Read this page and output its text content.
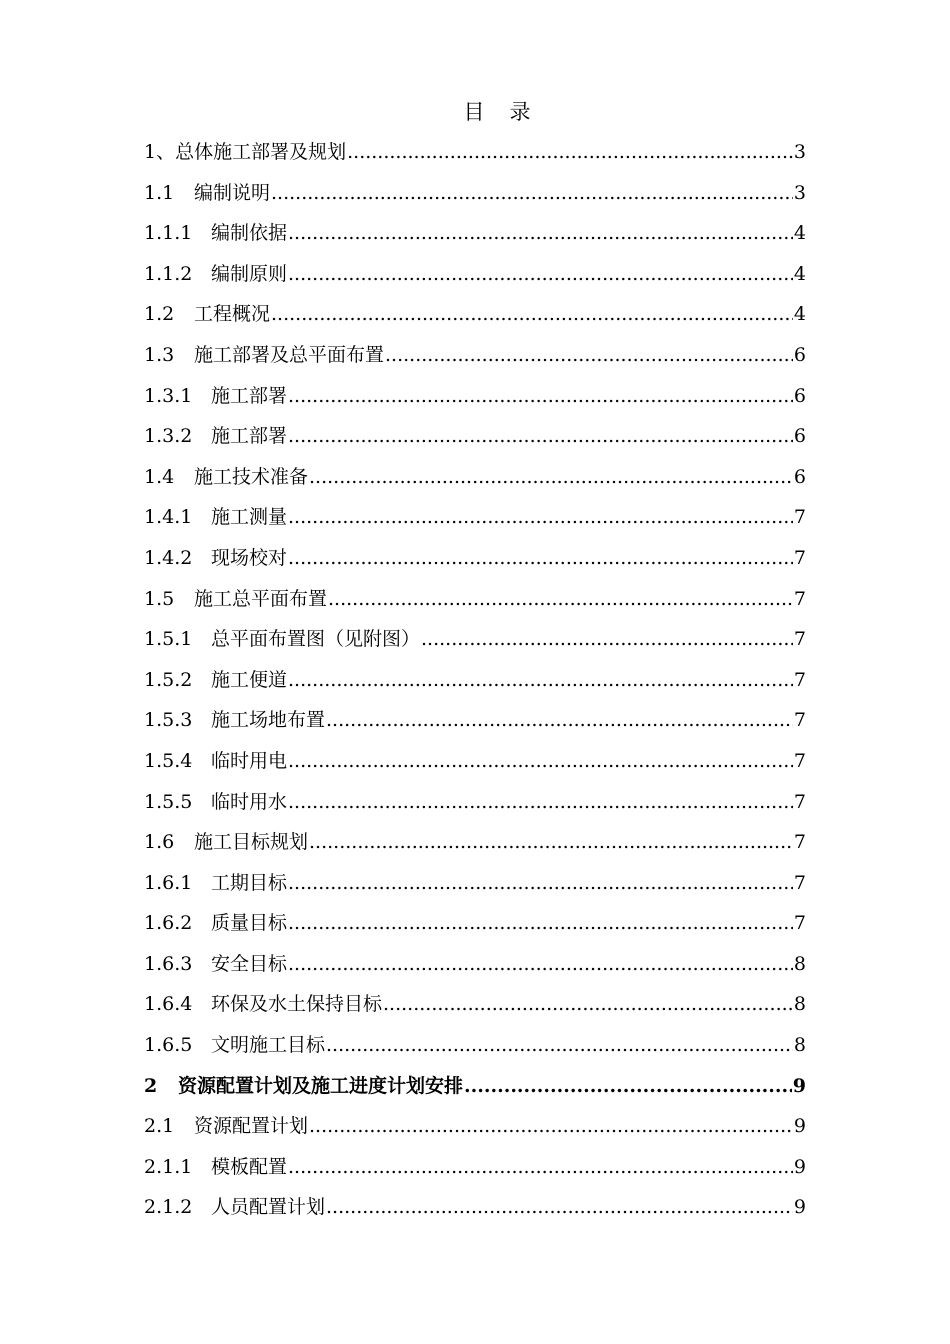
目　录
1、 总体施工部署及规划 .....	3
1.1	编制说明 .....	3
1.1.1 编制依据 .....	4
1.1.2 编制原则 .....	4
1.2	工程概况 .....	4
1.3	施工部署及总平面布置 .....	6
1.3.1 施工部署 .....	6
1.3.2 施工部署 .....	6
1.4	施工技术准备 .....	6
1.4.1 施工测量 .....	7
1.4.2 现场校对 .....	7
1.5	施工总平面布置 .....	7
1.5.1 总平面布置图（见附图） .....	7
1.5.2 施工便道 .....	7
1.5.3 施工场地布置 .....	7
1.5.4 临时用电 .....	7
1.5.5 临时用水 .....	7
1.6	施工目标规划 .....	7
1.6.1 工期目标 .....	7
1.6.2 质量目标 .....	7
1.6.3 安全目标 .....	8
1.6.4 环保及水土保持目标 .....	8
1.6.5 文明施工目标 .....	8
2	资源配置计划及施工进度计划安排 .....	9
2.1	资源配置计划 .....	9
2.1.1 模板配置 .....	9
2.1.2 人员配置计划 .....	9
